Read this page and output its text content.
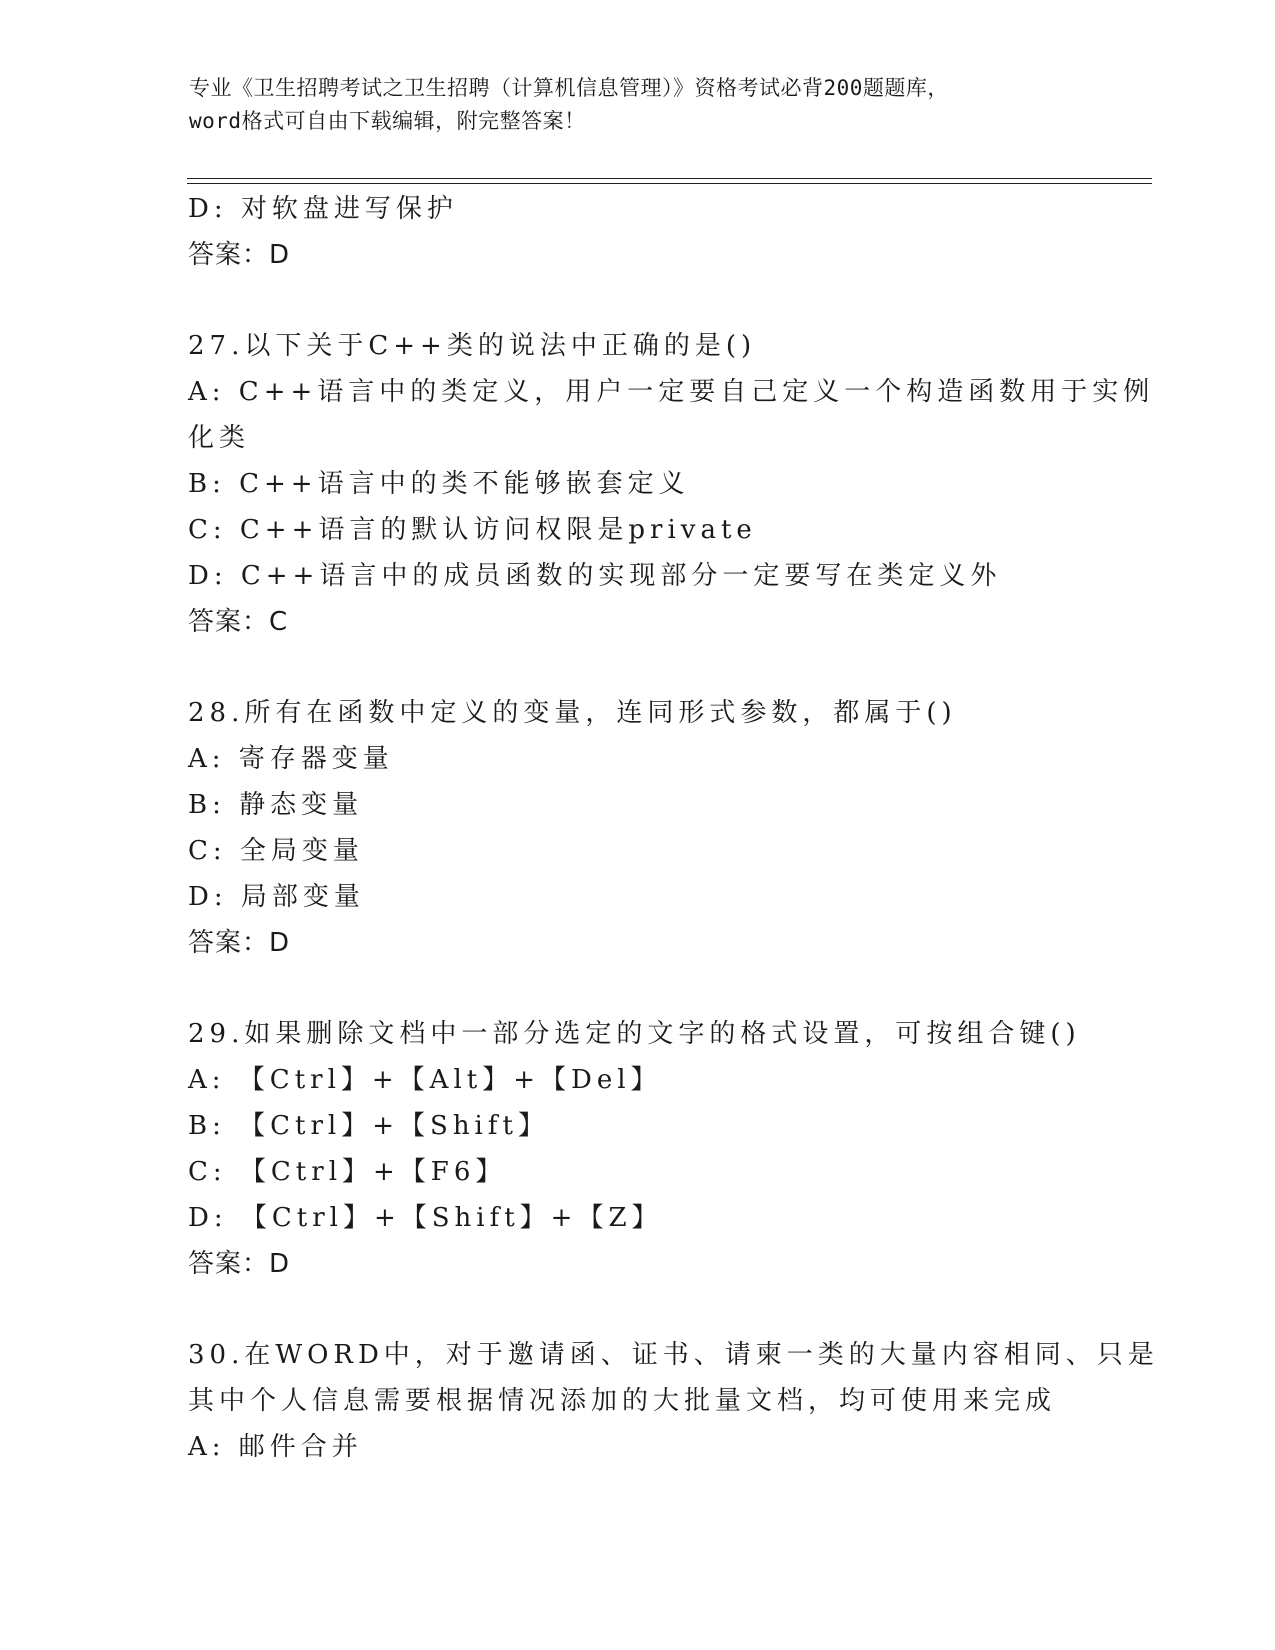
专业《卫生招聘考试之卫生招聘（计算机信息管理）》资格考试必背200题题库，
word格式可自由下载编辑，附完整答案！
D: 对软盘进写保护
答案：D
27.以下关于C++类的说法中正确的是()
A: C++语言中的类定义，用户一定要自己定义一个构造函数用于实例
化类
B: C++语言中的类不能够嵌套定义
C: C++语言的默认访问权限是private
D: C++语言中的成员函数的实现部分一定要写在类定义外
答案：C
28.所有在函数中定义的变量，连同形式参数，都属于()
A: 寄存器变量
B: 静态变量
C: 全局变量
D: 局部变量
答案：D
29.如果删除文档中一部分选定的文字的格式设置，可按组合键()
A: 【Ctrl】+【Alt】+【Del】
B: 【Ctrl】+【Shift】
C: 【Ctrl】+【F6】
D: 【Ctrl】+【Shift】+【Z】
答案：D
30.在WORD中，对于邀请函、证书、请柬一类的大量内容相同、只是
其中个人信息需要根据情况添加的大批量文档，均可使用来完成
A: 邮件合并
